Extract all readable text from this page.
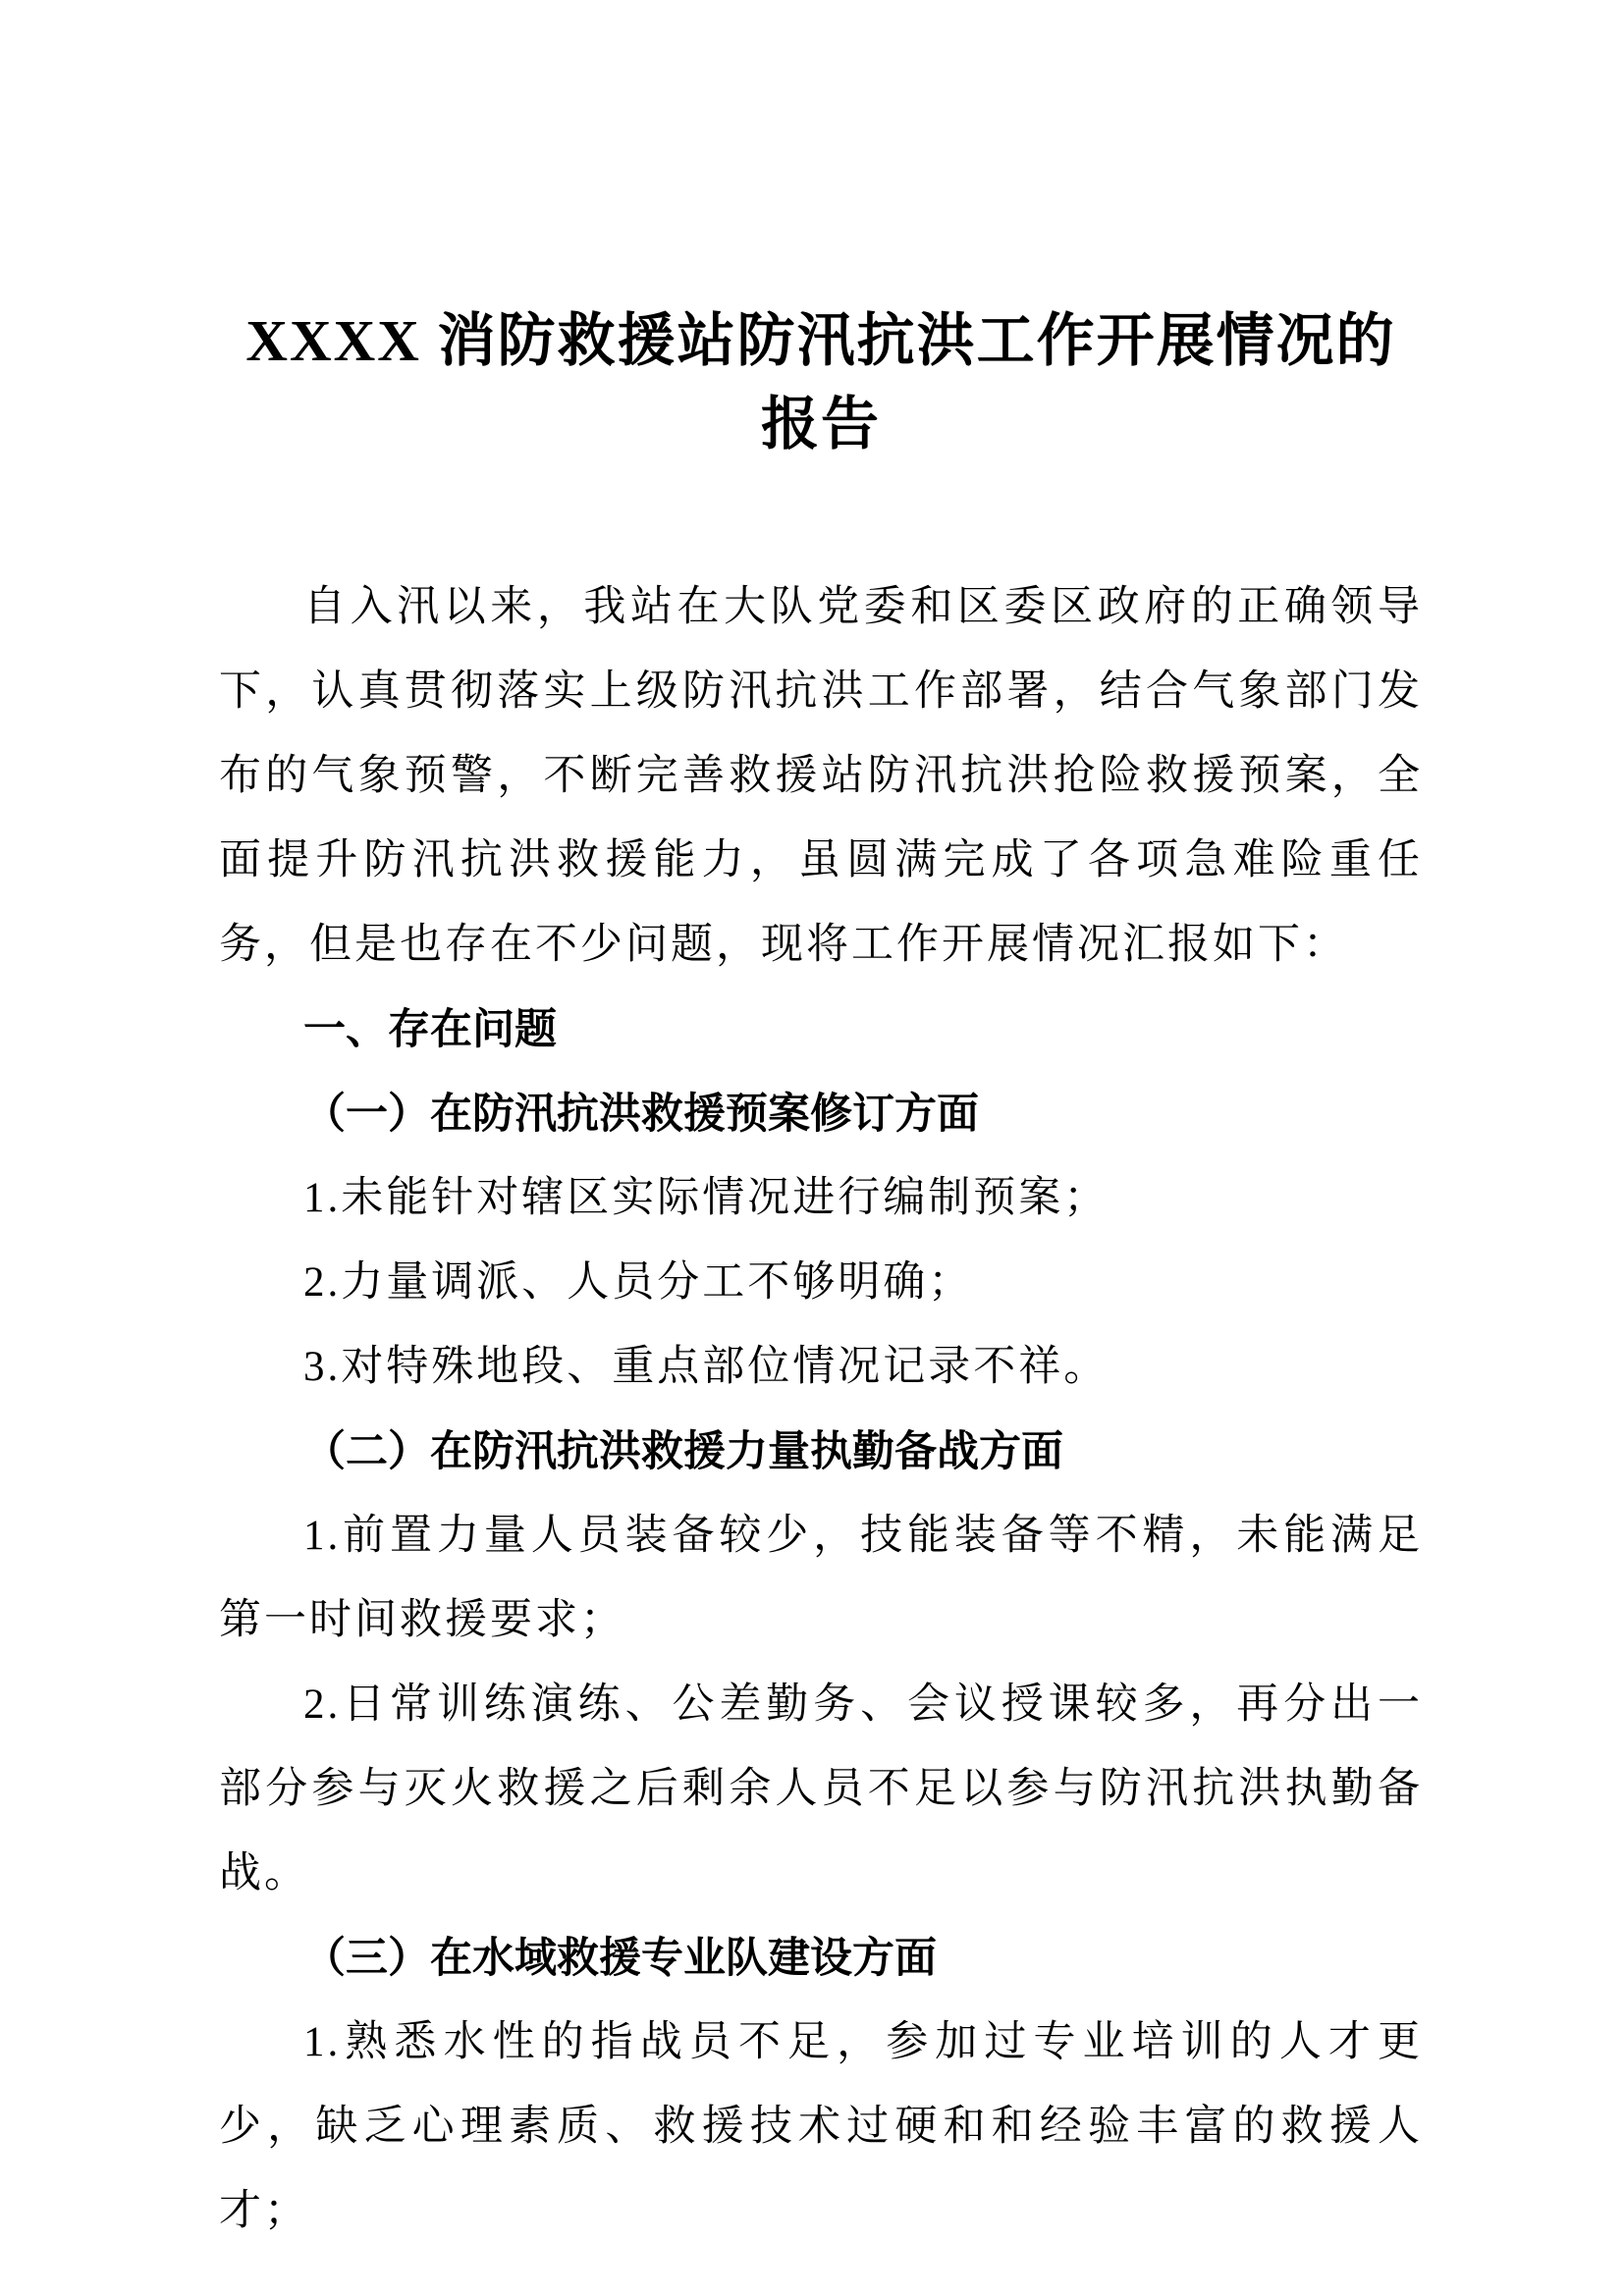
XXXX 消防救援站防汛抗洪工作开展情况的报告

自入汛以来，我站在大队党委和区委区政府的正确领导下，认真贯彻落实上级防汛抗洪工作部署，结合气象部门发布的气象预警，不断完善救援站防汛抗洪抢险救援预案，全面提升防汛抗洪救援能力，虽圆满完成了各项急难险重任务，但是也存在不少问题，现将工作开展情况汇报如下：

一、存在问题

（一）在防汛抗洪救援预案修订方面

1.未能针对辖区实际情况进行编制预案；

2.力量调派、人员分工不够明确；

3.对特殊地段、重点部位情况记录不祥。

（二）在防汛抗洪救援力量执勤备战方面

1.前置力量人员装备较少，技能装备等不精，未能满足第一时间救援要求；

2.日常训练演练、公差勤务、会议授课较多，再分出一部分参与灭火救援之后剩余人员不足以参与防汛抗洪执勤备战。

（三）在水域救援专业队建设方面

1.熟悉水性的指战员不足，参加过专业培训的人才更少，缺乏心理素质、救援技术过硬和和经验丰富的救援人才；
